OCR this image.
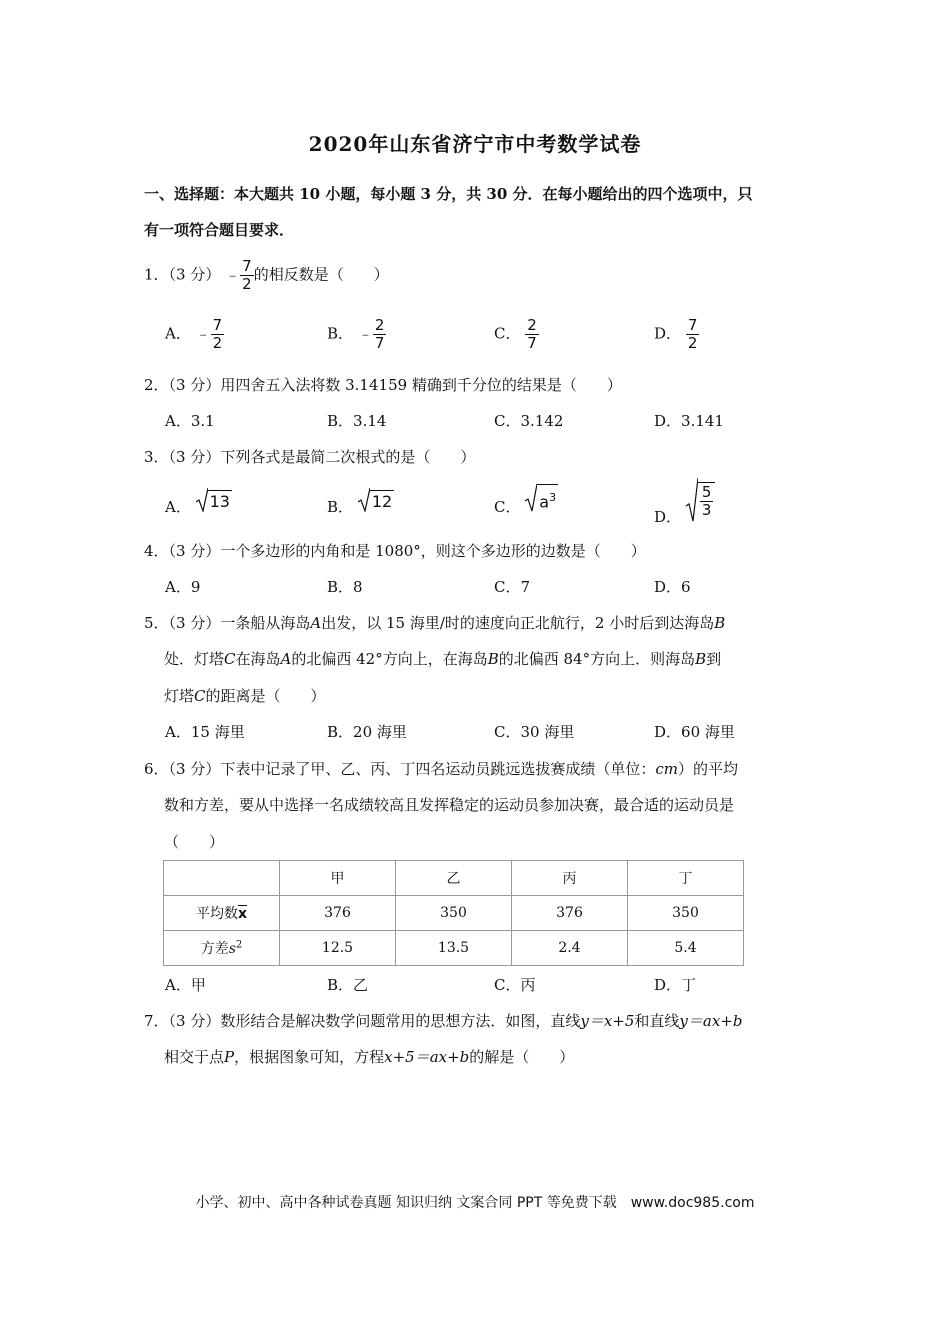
2020年山东省济宁市中考数学试卷
一、选择题：本大题共 10 小题，每小题 3 分，共 30 分．在每小题给出的四个选项中，只
有一项符合题目要求．
1．（3 分） ﹣ $\frac{7}{2}$ 的相反数是（　　）
A． ﹣ $\frac{7}{2}$	B． ﹣ $\frac{2}{7}$	C． $\frac{2}{7}$	D． $\frac{7}{2}$
2．（3 分）用四舍五入法将数 3.14159 精确到千分位的结果是（　　）
A．3.1	B．3.14	C．3.142	D．3.141
3．（3 分）下列各式是最简二次根式的是（　　）
A． 13	B． 12	C． $a^3$
D． $\frac{5}{3}$
4．（3 分）一个多边形的内角和是 1080°，则这个多边形的边数是（　　）
A．9	B．8	C．7	D．6
5．（3 分）一条船从海岛A出发，以 15 海里/时的速度向正北航行，2 小时后到达海岛B
处．灯塔C在海岛A的北偏西 42°方向上，在海岛B的北偏西 84°方向上．则海岛B到
灯塔C的距离是（　　）
A．15 海里	B．20 海里	C．30 海里	D．60 海里
6．（3 分）下表中记录了甲、乙、丙、丁四名运动员跳远选拔赛成绩（单位：cm）的平均
数和方差，要从中选择一名成绩较高且发挥稳定的运动员参加决赛，最合适的运动员是
（　　）
	甲	乙	丙	丁
平均数$\overline{x}$	376	350	376	350
方差$s^2$	12.5	13.5	2.4	5.4
A．甲	B．乙	C．丙	D．丁
7．（3 分）数形结合是解决数学问题常用的思想方法．如图，直线y＝x+5和直线y＝ax+b
相交于点P，根据图象可知，方程x+5＝ax+b的解是（　　）
小学、初中、高中各种试卷真题 知识归纳 文案合同 PPT 等免费下载　www.doc985.com
